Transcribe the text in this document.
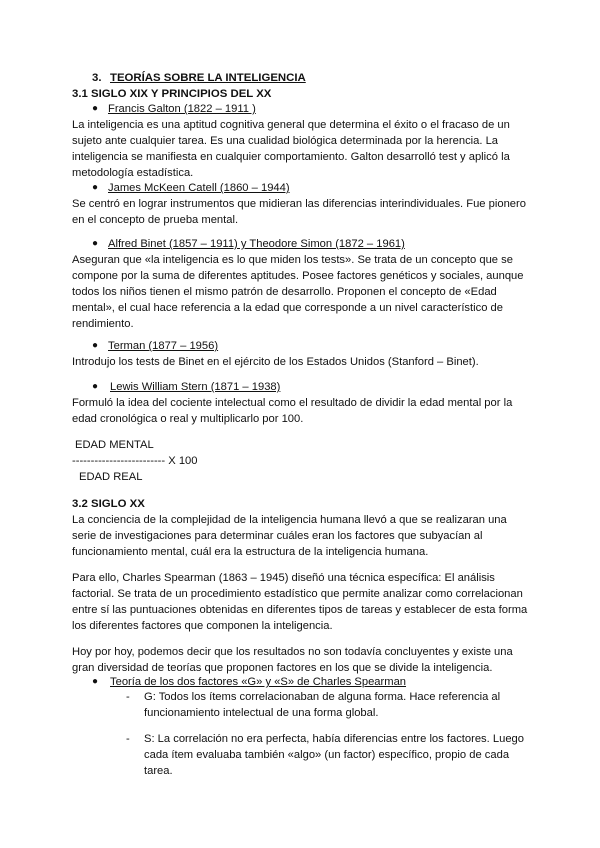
3. TEORÍAS SOBRE LA INTELIGENCIA
3.1 SIGLO XIX Y PRINCIPIOS DEL XX
● Francis Galton (1822 – 1911 )
La inteligencia es una aptitud cognitiva general que determina el éxito o el fracaso de un
sujeto ante cualquier tarea. Es una cualidad biológica determinada por la herencia. La
inteligencia se manifiesta en cualquier comportamiento. Galton desarrolló test y aplicó la
metodología estadística.
● James McKeen Catell (1860 – 1944)
Se centró en lograr instrumentos que midieran las diferencias interindividuales. Fue pionero
en el concepto de prueba mental.
● Alfred Binet (1857 – 1911) y Theodore Simon (1872 – 1961)
Aseguran que «la inteligencia es lo que miden los tests». Se trata de un concepto que se
compone por la suma de diferentes aptitudes. Posee factores genéticos y sociales, aunque
todos los niños tienen el mismo patrón de desarrollo. Proponen el concepto de «Edad
mental», el cual hace referencia a la edad que corresponde a un nivel característico de
rendimiento.
● Terman (1877 – 1956)
Introdujo los tests de Binet en el ejército de los Estados Unidos (Stanford – Binet).
● Lewis William Stern (1871 – 1938)
Formuló la idea del cociente intelectual como el resultado de dividir la edad mental por la
edad cronológica o real y multiplicarlo por 100.
EDAD MENTAL
------------------------- X 100
EDAD REAL
3.2 SIGLO XX
La conciencia de la complejidad de la inteligencia humana llevó a que se realizaran una
serie de investigaciones para determinar cuáles eran los factores que subyacían al
funcionamiento mental, cuál era la estructura de la inteligencia humana.
Para ello, Charles Spearman (1863 – 1945) diseñó una técnica específica: El análisis
factorial. Se trata de un procedimiento estadístico que permite analizar como correlacionan
entre sí las puntuaciones obtenidas en diferentes tipos de tareas y establecer de esta forma
los diferentes factores que componen la inteligencia.
Hoy por hoy, podemos decir que los resultados no son todavía concluyentes y existe una
gran diversidad de teorías que proponen factores en los que se divide la inteligencia.
● Teoría de los dos factores «G» y «S» de Charles Spearman
- G: Todos los ítems correlacionaban de alguna forma. Hace referencia al
funcionamiento intelectual de una forma global.
- S: La correlación no era perfecta, había diferencias entre los factores. Luego
cada ítem evaluaba también «algo» (un factor) específico, propio de cada
tarea.
